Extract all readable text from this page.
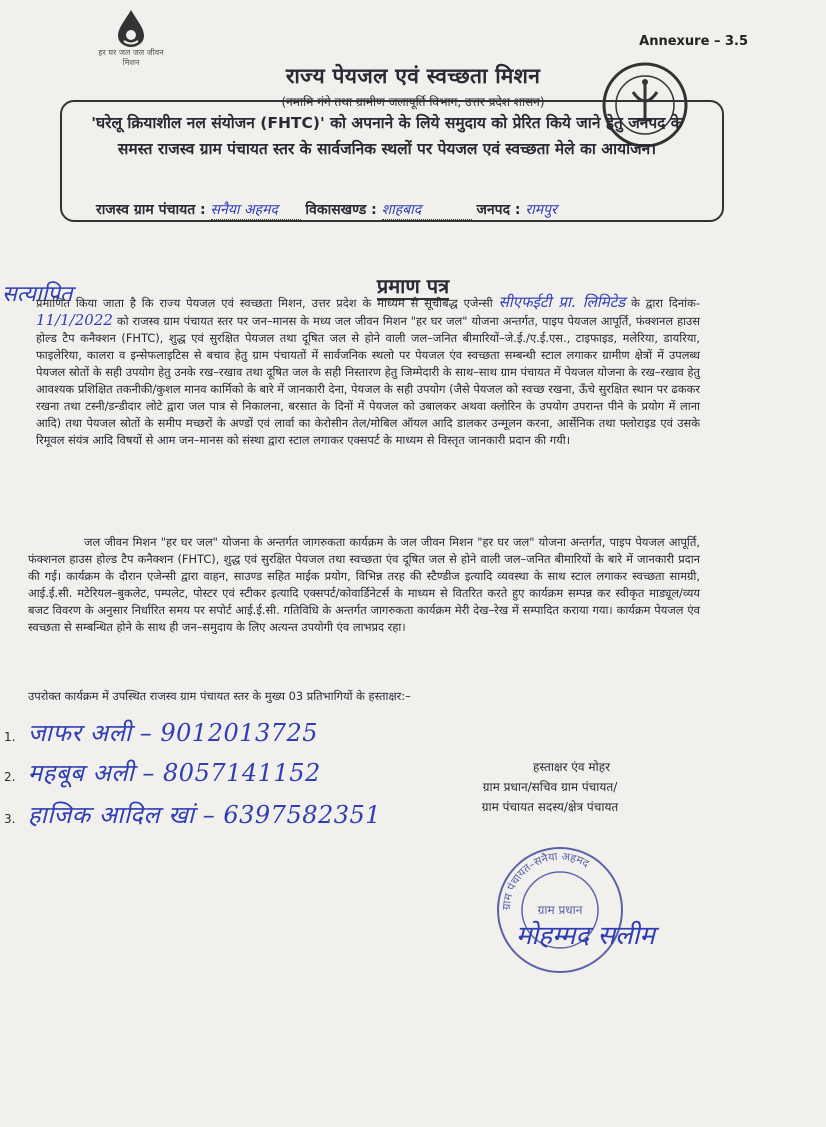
हर घर जल जल जीवन मिशन
Annexure – 3.5
राज्य पेयजल एवं स्वच्छता मिशन
(नमामि गंगे तथा ग्रामीण जलापूर्ति विभाग, उत्तर प्रदेश शासन)
'घरेलू क्रियाशील नल संयोजन (FHTC)' को अपनाने के लिये समुदाय को प्रेरित किये जाने हेतु जनपद के
समस्त राजस्व ग्राम पंचायत स्तर के सार्वजनिक स्थलों पर पेयजल एवं स्वच्छता मेले का आयोजन।
राजस्व ग्राम पंचायत : सनैया अहमद विकासखण्ड : शाहबाद	जनपद : रामपुर
सत्यापित	प्रमाण पत्र
प्रमाणित किया जाता है कि राज्य पेयजल एवं स्वच्छता मिशन, उत्तर प्रदेश के माध्यम से सूचीबद्ध एजेन्सी सीएफईटी प्रा. लिमिटेड के द्वारा दिनांक- 11/1/2022 को राजस्व ग्राम पंचायत स्तर पर जन–मानस के मध्य जल जीवन मिशन "हर घर जल" योजना अन्तर्गत, पाइप पेयजल आपूर्ति, फंक्शनल हाउस होल्ड टैप कनैक्शन (FHTC), शुद्ध एवं सुरक्षित पेयजल तथा दूषित जल से होने वाली जल–जनित बीमारियों–जे.ई./ए.ई.एस., टाइफाइड, मलेरिया, डायरिया, फाइलेरिया, कालरा व इन्सेफलाइटिस से बचाव हेतु ग्राम पंचायतों में सार्वजनिक स्थलो पर पेयजल एंव स्वच्छता सम्बन्धी स्टाल लगाकर ग्रामीण क्षेत्रों में उपलब्ध पेयजल स्रोतों के सही उपयोग हेतु उनके रख–रखाव तथा दूषित जल के सही निस्तारण हेतु जिम्मेदारी के साथ–साथ ग्राम पंचायत में पेयजल योजना के रख–रखाव हेतु आवश्यक प्रशिक्षित तकनीकी/कुशल मानव कार्मिको के बारे में जानकारी देना, पेयजल के सही उपयोग (जैसे पेयजल को स्वच्छ रखना, ऊँचे सुरक्षित स्थान पर ढककर रखना तथा टस्नी/डन्डीदार लोटे द्वारा जल पात्र से निकालना, बरसात के दिनों में पेयजल को उबालकर अथवा क्लोरिन के उपयोग उपरान्त पीने के प्रयोग में लाना आदि) तथा पेयजल स्रोतों के समीप मच्छरों के अण्डों एवं लार्वा का केरोसीन तेल/मोबिल ऑयल आदि डालकर उन्मूलन करना, आर्सेनिक तथा फ्लोराइड एवं उसके रिमूवल संयंत्र आदि विषयों से आम जन–मानस को संस्था द्वारा स्टाल लगाकर एक्सपर्ट के माध्यम से विस्तृत जानकारी प्रदान की गयी।
जल जीवन मिशन "हर घर जल" योजना के अन्तर्गत जागरुकता कार्यक्रम के जल जीवन मिशन "हर घर जल" योजना अन्तर्गत, पाइप पेयजल आपूर्ति, फंक्शनल हाउस होल्ड टैप कनैक्शन (FHTC), शुद्ध एवं सुरक्षित पेयजल तथा स्वच्छता एंव दूषित जल से होने वाली जल–जनित बीमारियों के बारे में जानकारी प्रदान की गई। कार्यक्रम के दौरान एजेन्सी द्वारा वाहन, साउण्ड सहित माईक प्रयोग, विभिन्न तरह की स्टैण्डीज इत्यादि व्यवस्था के साथ स्टाल लगाकर स्वच्छता सामग्री, आई.ई.सी. मटेरियल–बुकलेट, पम्पलेट, पोस्टर एवं स्टीकर इत्यादि एक्सपर्ट/कोवार्डिनेटर्स के माध्यम से वितरित करते हुए कार्यक्रम सम्पन्न कर स्वीकृत माड्यूल/व्यय बजट विवरण के अनुसार निर्धारित समय पर सपोर्ट आई.ई.सी. गतिविधि के अन्तर्गत जागरुकता कार्यक्रम मेरी देख–रेख में सम्पादित कराया गया। कार्यक्रम पेयजल एंव स्वच्छता से सम्बन्धित होने के साथ ही जन–समुदाय के लिए अत्यन्त उपयोगी एंव लाभप्रद रहा।
उपरोक्त कार्यक्रम में उपस्थित राजस्व ग्राम पंचायत स्तर के मुख्य 03 प्रतिभागियों के हस्ताक्षर:–
1. जाफर अली – 9012013725
2. महबूब अली – 8057141152
3. हाजिक आदिल खां – 6397582351
हस्ताक्षर एंव मोहर
ग्राम प्रधान/सचिव ग्राम पंचायत/
ग्राम पंचायत सदस्य/क्षेत्र पंचायत
ग्राम पंचायत–सनैया अहमद
ग्राम प्रधान
मोहम्मद सलीम
